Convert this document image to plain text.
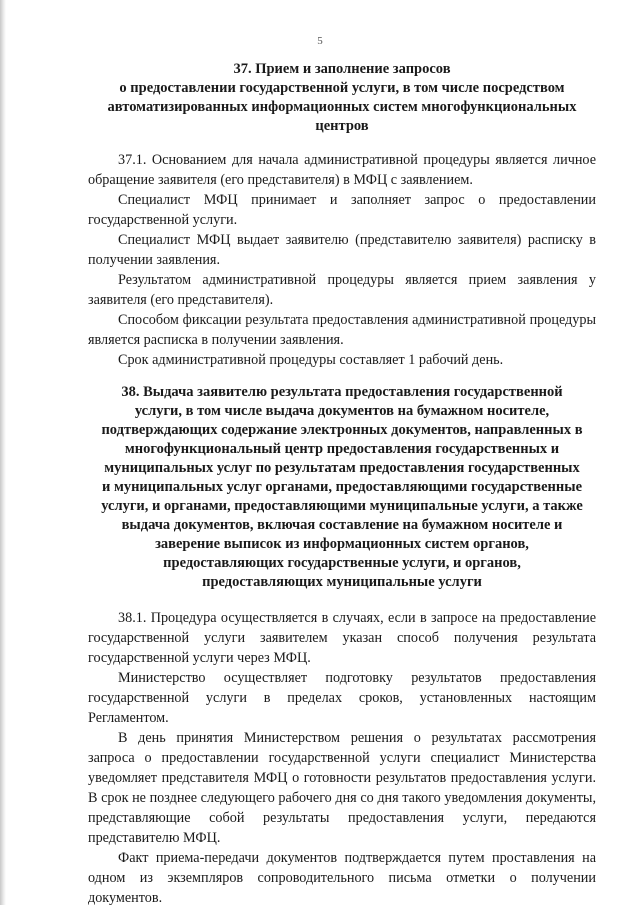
5
37. Прием и заполнение запросов
о предоставлении государственной услуги, в том числе посредством
автоматизированных информационных систем многофункциональных
центров

37.1. Основанием для начала административной процедуры является личное обращение заявителя (его представителя) в МФЦ с заявлением.

Специалист МФЦ принимает и заполняет запрос о предоставлении государственной услуги.

Специалист МФЦ выдает заявителю (представителю заявителя) расписку в получении заявления.

Результатом административной процедуры является прием заявления у заявителя (его представителя).

Способом фиксации результата предоставления административной процедуры является расписка в получении заявления.

Срок административной процедуры составляет 1 рабочий день.

38. Выдача заявителю результата предоставления государственной
услуги, в том числе выдача документов на бумажном носителе,
подтверждающих содержание электронных документов, направленных в
многофункциональный центр предоставления государственных и
муниципальных услуг по результатам предоставления государственных
и муниципальных услуг органами, предоставляющими государственные
услуги, и органами, предоставляющими муниципальные услуги, а также
выдача документов, включая составление на бумажном носителе и
заверение выписок из информационных систем органов,
предоставляющих государственные услуги, и органов,
предоставляющих муниципальные услуги

38.1. Процедура осуществляется в случаях, если в запросе на предоставление государственной услуги заявителем указан способ получения результата государственной услуги через МФЦ.

Министерство осуществляет подготовку результатов предоставления государственной услуги в пределах сроков, установленных настоящим Регламентом.

В день принятия Министерством решения о результатах рассмотрения запроса о предоставлении государственной услуги специалист Министерства уведомляет представителя МФЦ о готовности результатов предоставления услуги. В срок не позднее следующего рабочего дня со дня такого уведомления документы, представляющие собой результаты предоставления услуги, передаются представителю МФЦ.

Факт приема-передачи документов подтверждается путем проставления на одном из экземпляров сопроводительного письма отметки о получении документов.
